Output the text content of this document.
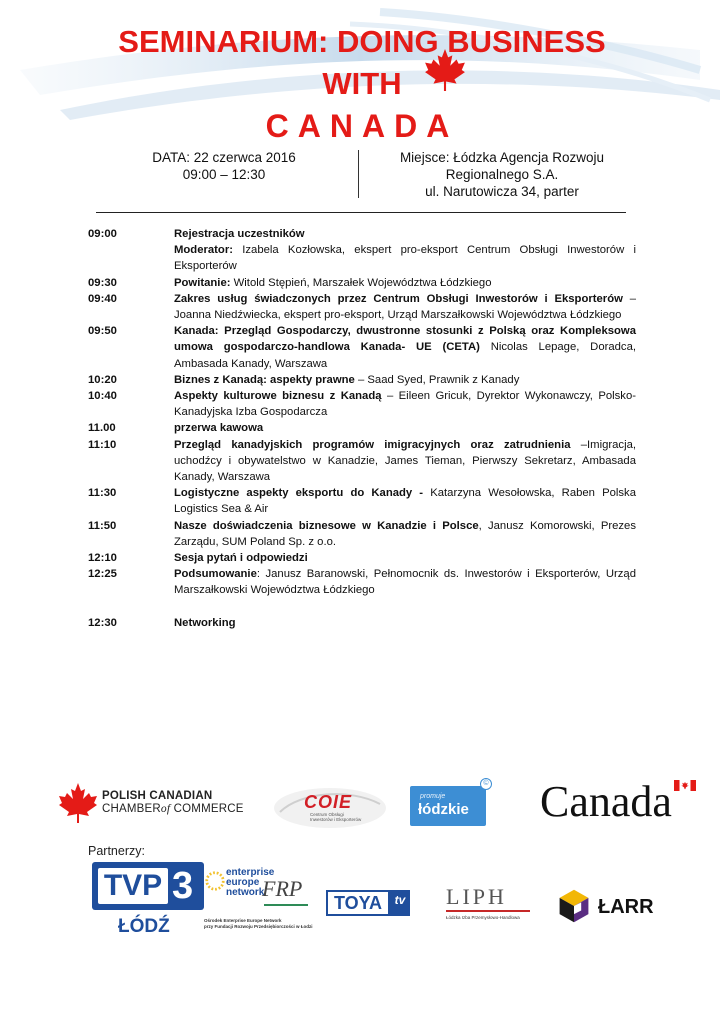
SEMINARIUM: DOING BUSINESS
WITH
CANADA
DATA: 22 czerwca 2016
09:00 – 12:30
Miejsce: Łódzka Agencja Rozwoju
Regionalnego S.A.
ul. Narutowicza 34, parter
09:00	Rejestracja uczestników
Moderator: Izabela Kozłowska, ekspert pro-eksport Centrum Obsługi Inwestorów i Eksporterów
09:30	Powitanie: Witold Stępień, Marszałek Województwa Łódzkiego
09:40	Zakres usług świadczonych przez Centrum Obsługi Inwestorów i Eksporterów – Joanna Niedźwiecka, ekspert pro-eksport, Urząd Marszałkowski Województwa Łódzkiego
09:50	Kanada: Przegląd Gospodarczy, dwustronne stosunki z Polską oraz Kompleksowa umowa gospodarczo-handlowa Kanada- UE (CETA) Nicolas Lepage, Doradca, Ambasada Kanady, Warszawa
10:20	Biznes z Kanadą: aspekty prawne – Saad Syed, Prawnik z Kanady
10:40	Aspekty kulturowe biznesu z Kanadą – Eileen Gricuk, Dyrektor Wykonawczy, Polsko-Kanadyjska Izba Gospodarcza
11.00	przerwa kawowa
11:10	Przegląd kanadyjskich programów imigracyjnych oraz zatrudnienia –Imigracja, uchodźcy i obywatelstwo w Kanadzie, James Tieman, Pierwszy Sekretarz, Ambasada Kanady, Warszawa
11:30	Logistyczne aspekty eksportu do Kanady - Katarzyna Wesołowska, Raben Polska Logistics Sea & Air
11:50	Nasze doświadczenia biznesowe w Kanadzie i Polsce, Janusz Komorowski, Prezes Zarządu, SUM Poland Sp. z o.o.
12:10	Sesja pytań i odpowiedzi
12:25	Podsumowanie: Janusz Baranowski, Pełnomocnik ds. Inwestorów i Eksporterów, Urząd Marszałkowski Województwa Łódzkiego
12:30	Networking
POLISH CANADIAN
CHAMBERof COMMERCE	COIE
Centrum Obsługi
Inwestorów i Eksporterów
promuje
łódzkie
© Canada
Partnerzy:
TVP 3
ŁÓDŹ
enterprise
europe
network
Ośrodek Enterprise Europe Network
przy Fundacji Rozwoju Przedsiębiorczości w Łodzi
FRP
TOYA	tv LIPH
Łódzka Izba Przemysłowo-Handlowa	ŁARR
